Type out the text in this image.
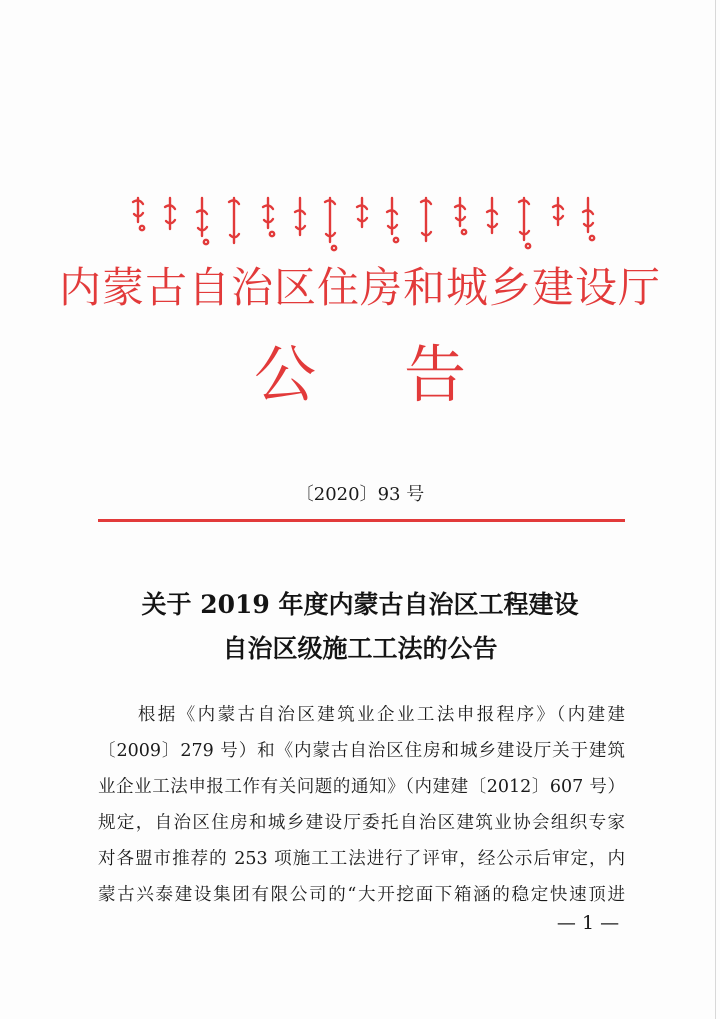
内蒙古自治区住房和城乡建设厅
公 告
〔2020〕93 号
关于 2019 年度内蒙古自治区工程建设
自治区级施工工法的公告
　　根据《内蒙古自治区建筑业企业工法申报程序》（内建建
〔2009〕279 号）和《内蒙古自治区住房和城乡建设厅关于建筑
业企业工法申报工作有关问题的通知》（内建建〔2012〕607 号）
规定，自治区住房和城乡建设厅委托自治区建筑业协会组织专家
对各盟市推荐的 253 项施工工法进行了评审，经公示后审定，内
蒙古兴泰建设集团有限公司的“大开挖面下箱涵的稳定快速顶进
— 1 —
